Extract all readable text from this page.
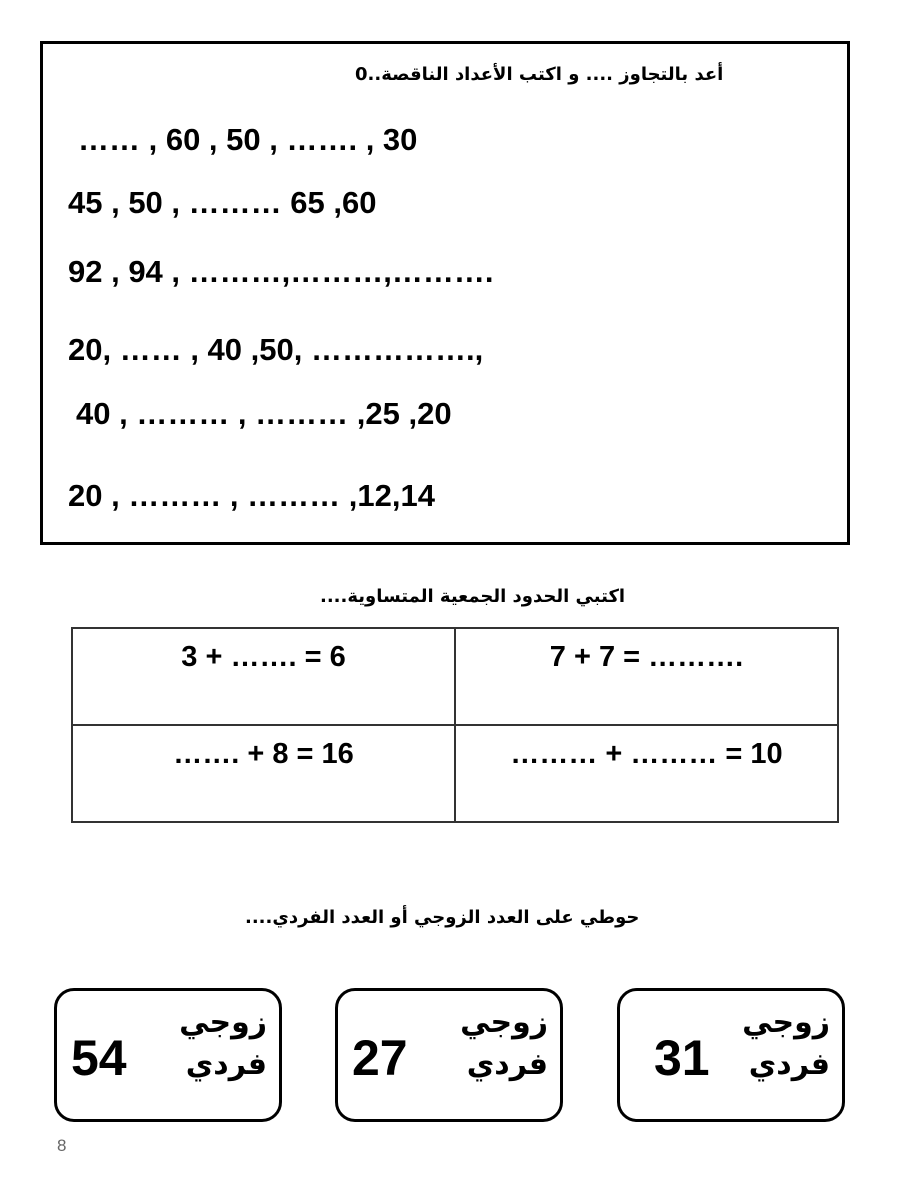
أعد بالتجاوز .... و اكتب الأعداد الناقصة..0
…… , 60 , 50 , ……. , 30
45 , 50 , ……… 65 ,60
92 , 94 , ………,………,……….
20, …… , 40 ,50, …………….,
40 , ……… , ……… ,25 ,20
20 , ……… , ……… ,12,14
اكتبي الحدود الجمعية المتساوية....
3 + ……. = 6	7 + 7 = ……….
……. + 8 = 16	……… + ……… = 10
حوطي على العدد الزوجي أو العدد الفردي....
54
زوجي
فردي 27
زوجي
فردي 31
زوجي
فردي
8
